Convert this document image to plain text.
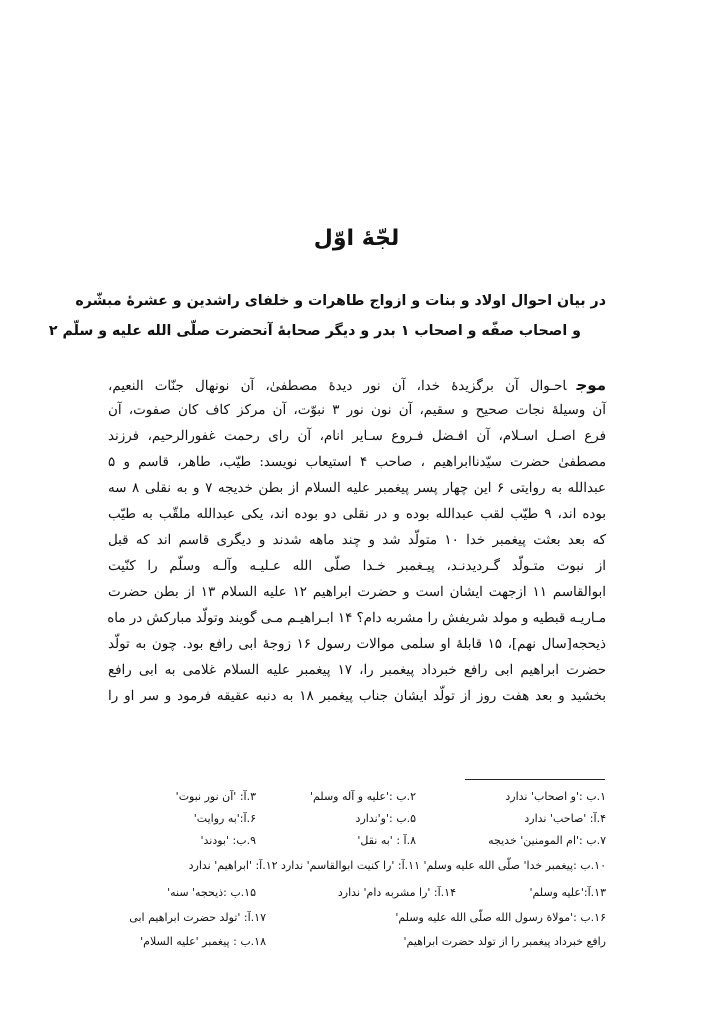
لجّهٔ اوّل
در بیان احوال اولاد و بنات و ازواج طاهرات و خلفای راشدین و عشرهٔ مبشّره
و اصحاب صفّه و اصحاب ۱ بدر و دیگر صحابهٔ آنحضرت صلّی الله علیه و سلّم ۲
موجاحـوال آن برگزیدهٔ خدا، آن نور دیدهٔ مصطفیٰ، آن نونهال جنّات النعیم،
آن وسیلهٔ نجات صحیح و سقیم، آن نون نور ۳ نبوّت، آن مرکز کاف کان صفوت، آن
فرع اصـل اسـلام، آن افـضل فـروع سـایر انام، آن رای رحمت غفورالرحیم، فرزند
مصطفیٰ حضرت سیّدناابراهیم ، صاحب ۴ استیعاب نویسد: طیّب، طاهر، قاسم و ۵
عبدالله به روایتی ۶ این چهار پسر پیغمبر علیه السلام از بطن خدیجه ۷ و به نقلی ۸ سه
بوده اند، ۹ طیّب لقب عبدالله بوده و در نقلی دو بوده اند، یکی عبدالله ملقّب به طیّب
که بعد بعثت پیغمبر خدا ۱۰ متولّد شد و چند ماهه شدند و دیگری قاسم اند که قبل
از نبوت متـولّد گـردیدنـد، پیـغمبر خـدا صلّی الله عـلیـه وآلـه وسلّم را کنّیت
ابوالقاسم ۱۱ ازجهت ایشان است و حضرت ابراهیم ۱۲ علیه السلام ۱۳ از بطن حضرت
مـاریـه قبطیه و مولد شریفش را مشربه دام؟ ۱۴ ابـراهیـم مـی گویند وتولّد مبارکش در ماه
ذیحجه[سال نهم]، ۱۵ قابلهٔ او سلمی موالات رسول ۱۶ زوجهٔ ابی رافع بود. چون به تولّد
حضرت ابراهیم ابی رافع خبرداد پیغمبر را، ۱۷ پیغمبر علیه السلام غلامی به ابی رافع
بخشید و بعد هفت روز از تولّد ایشان جناب پیغمبر ۱۸ به دنبه عقیقه فرمود و سر او را
۱.ب :'و اصحاب' ندارد
۲.ب :'علیه و آله وسلم'
۳.آ: 'آن نور نبوت'
۴.آ: 'صاحب' ندارد
۵.ب :'و'ندارد
۶.آ:'به روایت'
۷.ب :'ام المومنین' خدیجه
۸.آ : 'به نقل'
۹.ب: 'بودند'
۱۰.ب :پیغمبر خدا' صلّی الله علیه وسلم' ۱۱.آ: 'را کنیت ابوالقاسم' ندارد ۱۲.آ: 'ابراهیم' ندارد
۱۳.آ:'علیه وسلم'
۱۴.آ: 'را مشربه دام' ندارد
۱۵.ب :ذیحجه' سنه'
۱۶.ب :'مولاة رسول الله صلّی الله علیه وسلم'
۱۷.آ: 'تولد حضرت ابراهیم ابی
رافع خبرداد پیغمبر را از تولد حضرت ابراهیم'
۱۸.ب : پیغمبر 'علیه السلام'
